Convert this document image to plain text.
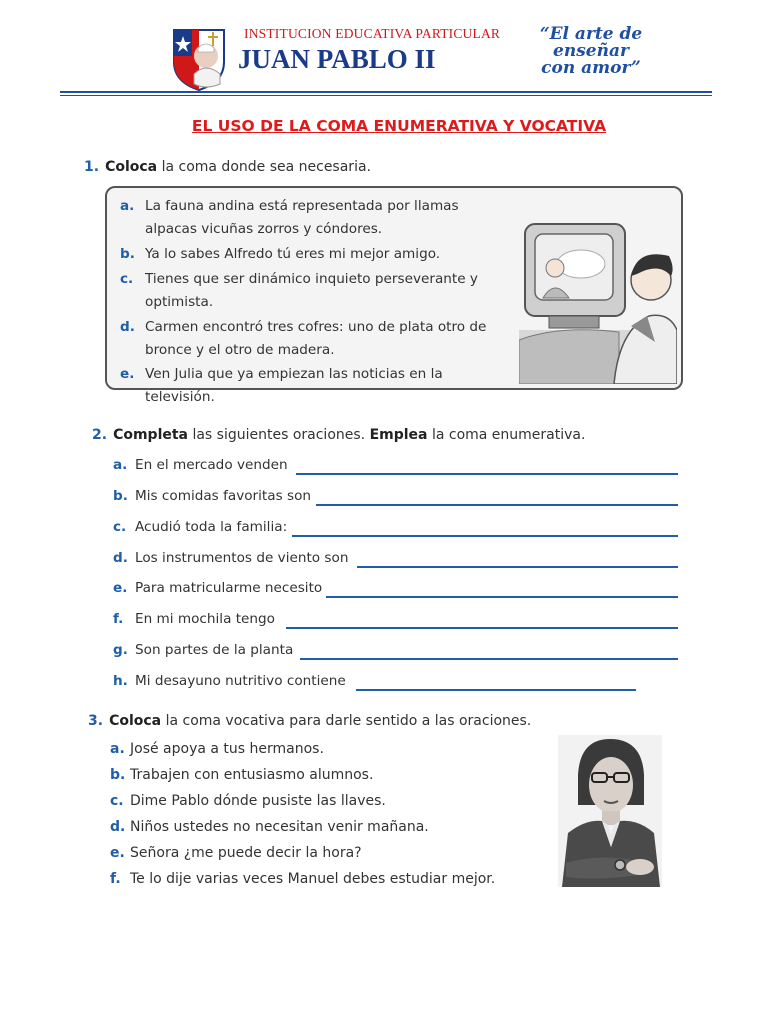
INSTITUCION EDUCATIVA PARTICULAR
JUAN PABLO II
“El arte de enseñar con amor”
EL USO DE LA COMA ENUMERATIVA Y VOCATIVA
1. Coloca la coma donde sea necesaria.
a. La fauna andina está representada por llamas alpacas vicuñas zorros y cóndores.
b. Ya lo sabes Alfredo tú eres mi mejor amigo.
c. Tienes que ser dinámico inquieto perseverante y optimista.
d. Carmen encontró tres cofres: uno de plata otro de bronce y el otro de madera.
e. Ven Julia que ya empiezan las noticias en la televisión.
2. Completa las siguientes oraciones. Emplea la coma enumerativa.
a. En el mercado venden
b. Mis comidas favoritas son
c. Acudió toda la familia:
d. Los instrumentos de viento son
e. Para matricularme necesito
f. En mi mochila tengo
g. Son partes de la planta
h. Mi desayuno nutritivo contiene
3. Coloca la coma vocativa para darle sentido a las oraciones.
a. José apoya a tus hermanos.
b. Trabajen con entusiasmo alumnos.
c. Dime Pablo dónde pusiste las llaves.
d. Niños ustedes no necesitan venir mañana.
e. Señora ¿me puede decir la hora?
f. Te lo dije varias veces Manuel debes estudiar mejor.
